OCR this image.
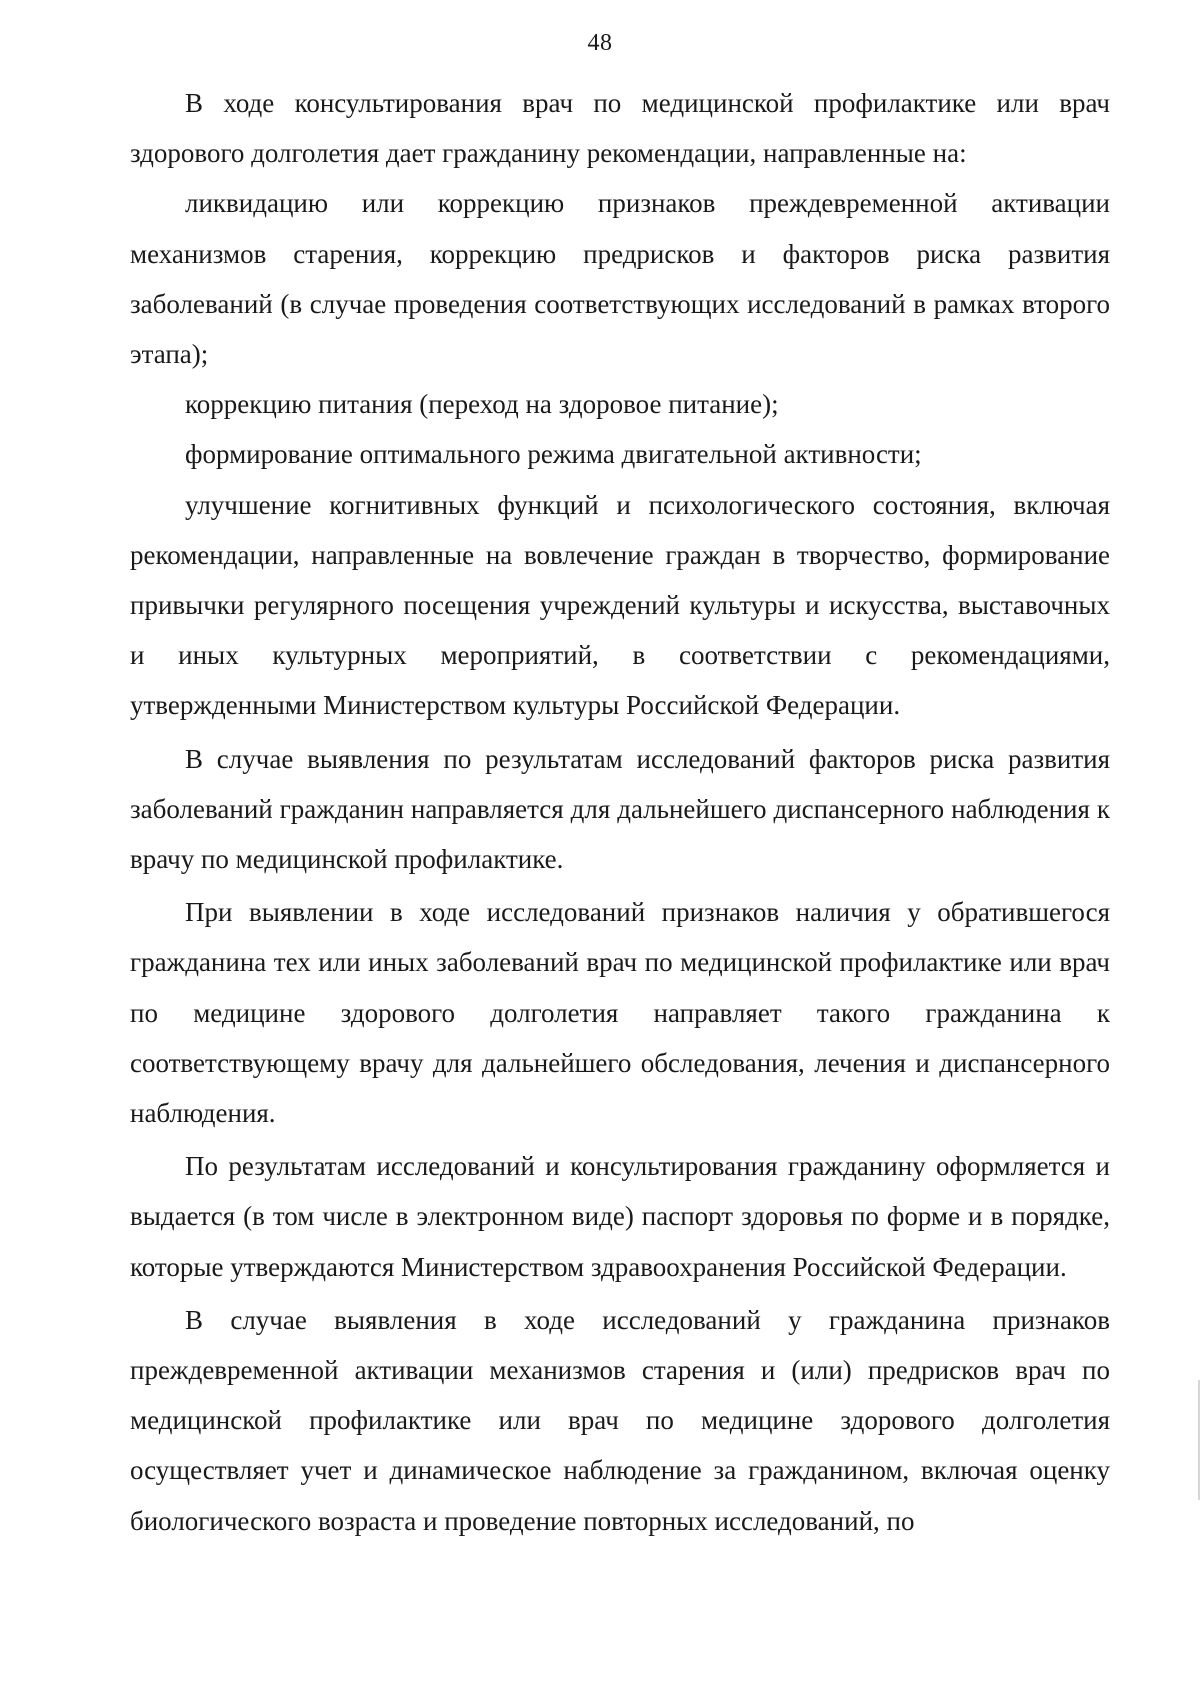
48

В ходе консультирования врач по медицинской профилактике или врач здорового долголетия дает гражданину рекомендации, направленные на:

ликвидацию или коррекцию признаков преждевременной активации механизмов старения, коррекцию предрисков и факторов риска развития заболеваний (в случае проведения соответствующих исследований в рамках второго этапа);

коррекцию питания (переход на здоровое питание);

формирование оптимального режима двигательной активности;

улучшение когнитивных функций и психологического состояния, включая рекомендации, направленные на вовлечение граждан в творчество, формирование привычки регулярного посещения учреждений культуры и искусства, выставочных и иных культурных мероприятий, в соответствии с рекомендациями, утвержденными Министерством культуры Российской Федерации.

В случае выявления по результатам исследований факторов риска развития заболеваний гражданин направляется для дальнейшего диспансерного наблюдения к врачу по медицинской профилактике.

При выявлении в ходе исследований признаков наличия у обратившегося гражданина тех или иных заболеваний врач по медицинской профилактике или врач по медицине здорового долголетия направляет такого гражданина к соответствующему врачу для дальнейшего обследования, лечения и диспансерного наблюдения.

По результатам исследований и консультирования гражданину оформляется и выдается (в том числе в электронном виде) паспорт здоровья по форме и в порядке, которые утверждаются Министерством здравоохранения Российской Федерации.

В случае выявления в ходе исследований у гражданина признаков преждевременной активации механизмов старения и (или) предрисков врач по медицинской профилактике или врач по медицине здорового долголетия осуществляет учет и динамическое наблюдение за гражданином, включая оценку биологического возраста и проведение повторных исследований, по
